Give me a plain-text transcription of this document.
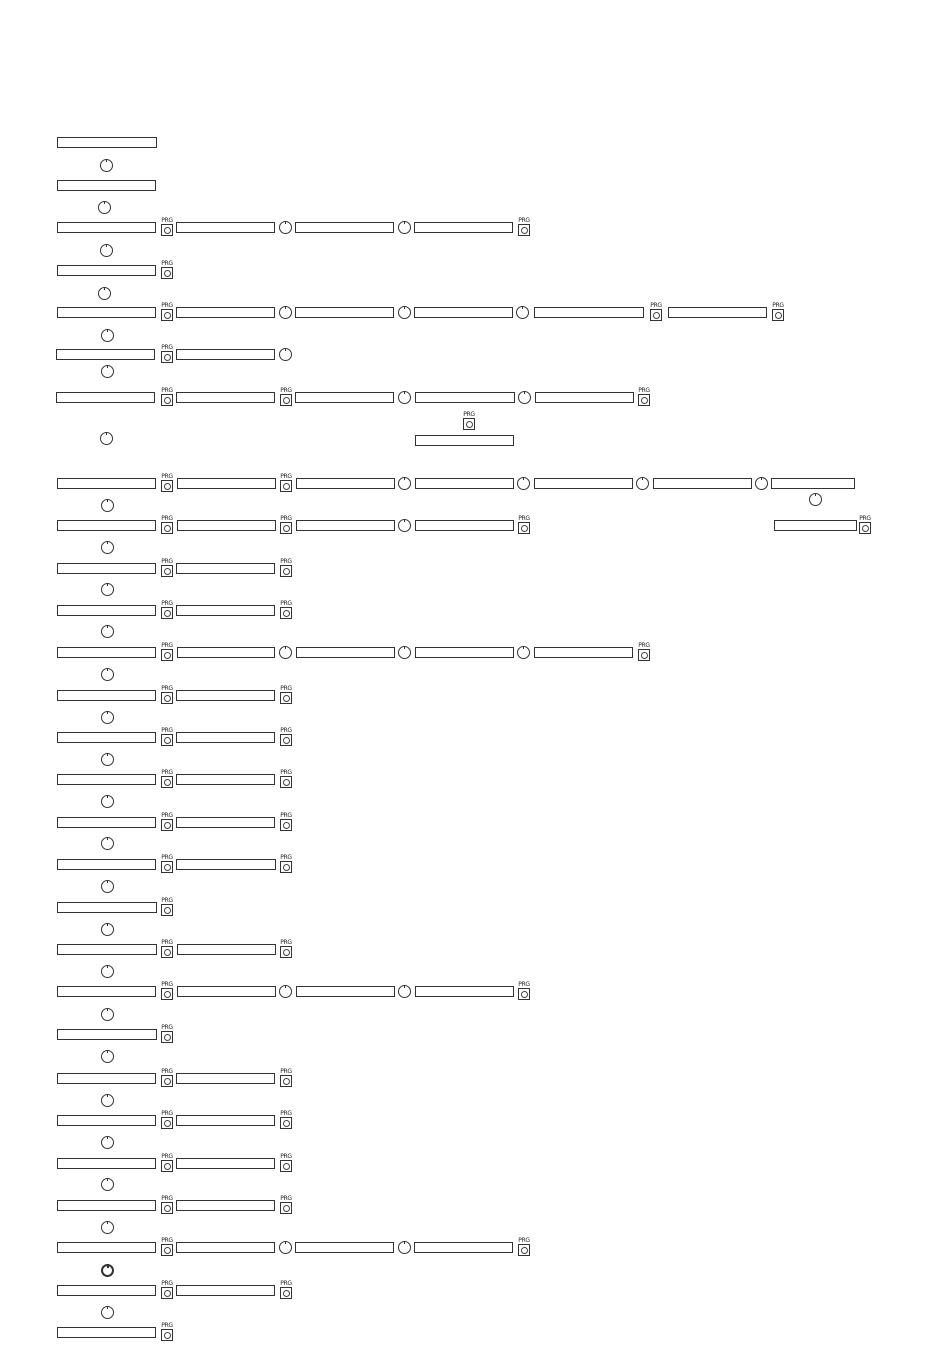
PRG	PRG
PRG
PRG	PRG	PRG
PRG
PRG	PRG	PRG
PRG	PRG
PRG	PRG	PRG	PRG
PRG	PRG
PRG	PRG
PRG	PRG
PRG	PRG
PRG	PRG
PRG	PRG
PRG	PRG
PRG	PRG
PRG
PRG	PRG
PRG	PRG
PRG
PRG	PRG
PRG	PRG
PRG	PRG
PRG	PRG
PRG	PRG
PRG	PRG
PRG
PRG
